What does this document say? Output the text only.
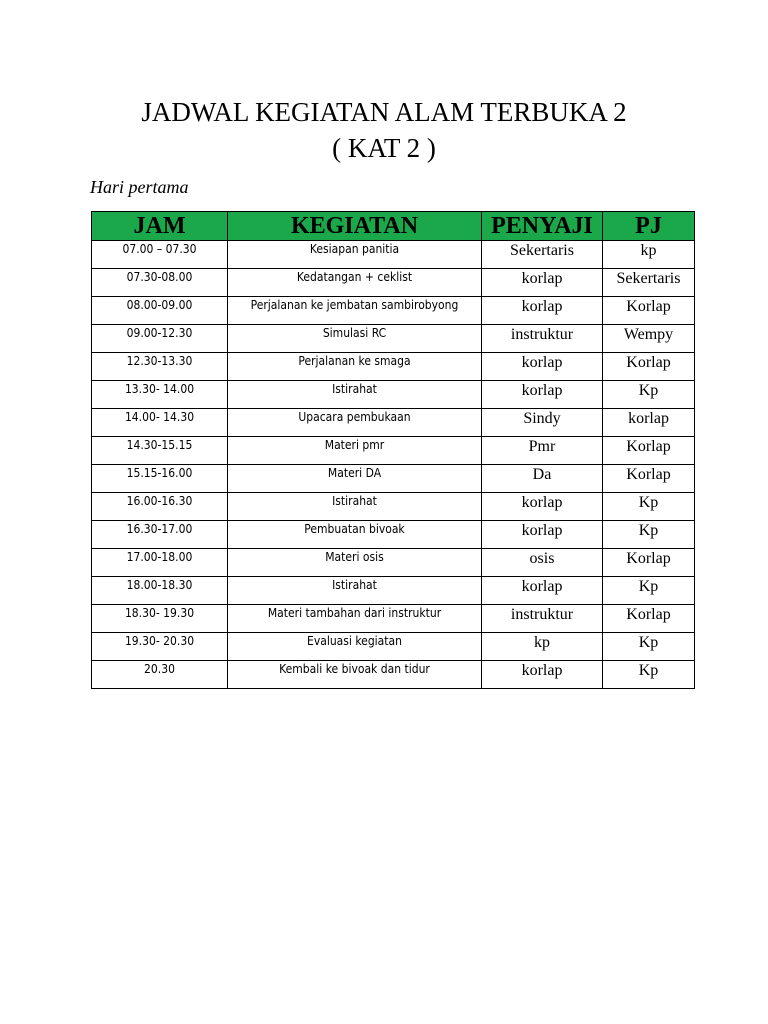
JADWAL KEGIATAN ALAM TERBUKA 2
( KAT 2 )
Hari pertama
JAM	KEGIATAN	PENYAJI	PJ
07.00 – 07.30	Kesiapan panitia	Sekertaris	kp
07.30-08.00	Kedatangan + ceklist	korlap	Sekertaris
08.00-09.00	Perjalanan ke jembatan sambirobyong	korlap	Korlap
09.00-12.30	Simulasi RC	instruktur	Wempy
12.30-13.30	Perjalanan ke smaga	korlap	Korlap
13.30- 14.00	Istirahat	korlap	Kp
14.00- 14.30	Upacara pembukaan	Sindy	korlap
14.30-15.15	Materi pmr	Pmr	Korlap
15.15-16.00	Materi DA	Da	Korlap
16.00-16.30	Istirahat	korlap	Kp
16.30-17.00	Pembuatan bivoak	korlap	Kp
17.00-18.00	Materi osis	osis	Korlap
18.00-18.30	Istirahat	korlap	Kp
18.30- 19.30	Materi tambahan dari instruktur	instruktur	Korlap
19.30- 20.30	Evaluasi kegiatan	kp	Kp
20.30	Kembali ke bivoak dan tidur	korlap	Kp
